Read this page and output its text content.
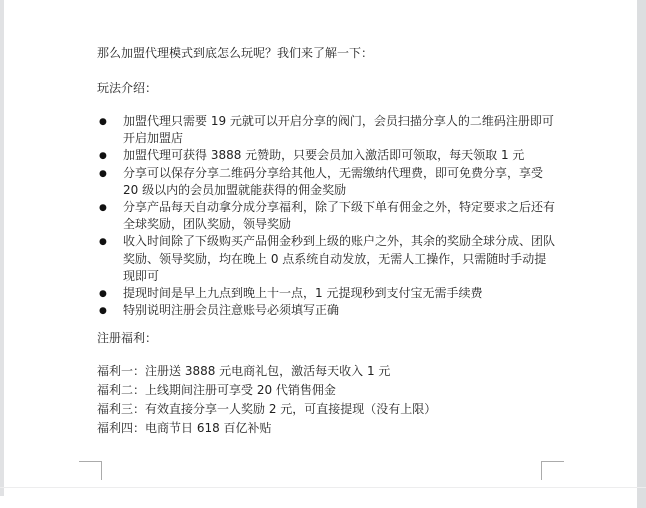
那么加盟代理模式到底怎么玩呢？我们来了解一下：

玩法介绍：

● 加盟代理只需要 19 元就可以开启分享的阀门，会员扫描分享人的二维码注册即可开启加盟店
● 加盟代理可获得 3888 元赞助，只要会员加入激活即可领取，每天领取 1 元
● 分享可以保存分享二维码分享给其他人，无需缴纳代理费，即可免费分享，享受 20 级以内的会员加盟就能获得的佣金奖励
● 分享产品每天自动拿分成分享福利，除了下级下单有佣金之外，特定要求之后还有全球奖励，团队奖励，领导奖励
● 收入时间除了下级购买产品佣金秒到上级的账户之外，其余的奖励全球分成、团队奖励、领导奖励，均在晚上 0 点系统自动发放，无需人工操作，只需随时手动提现即可
● 提现时间是早上九点到晚上十一点，1 元提现秒到支付宝无需手续费
● 特别说明注册会员注意账号必须填写正确

注册福利：

福利一：注册送 3888 元电商礼包，激活每天收入 1 元

福利二：上线期间注册可享受 20 代销售佣金

福利三：有效直接分享一人奖励 2 元，可直接提现（没有上限）

福利四：电商节日 618 百亿补贴
